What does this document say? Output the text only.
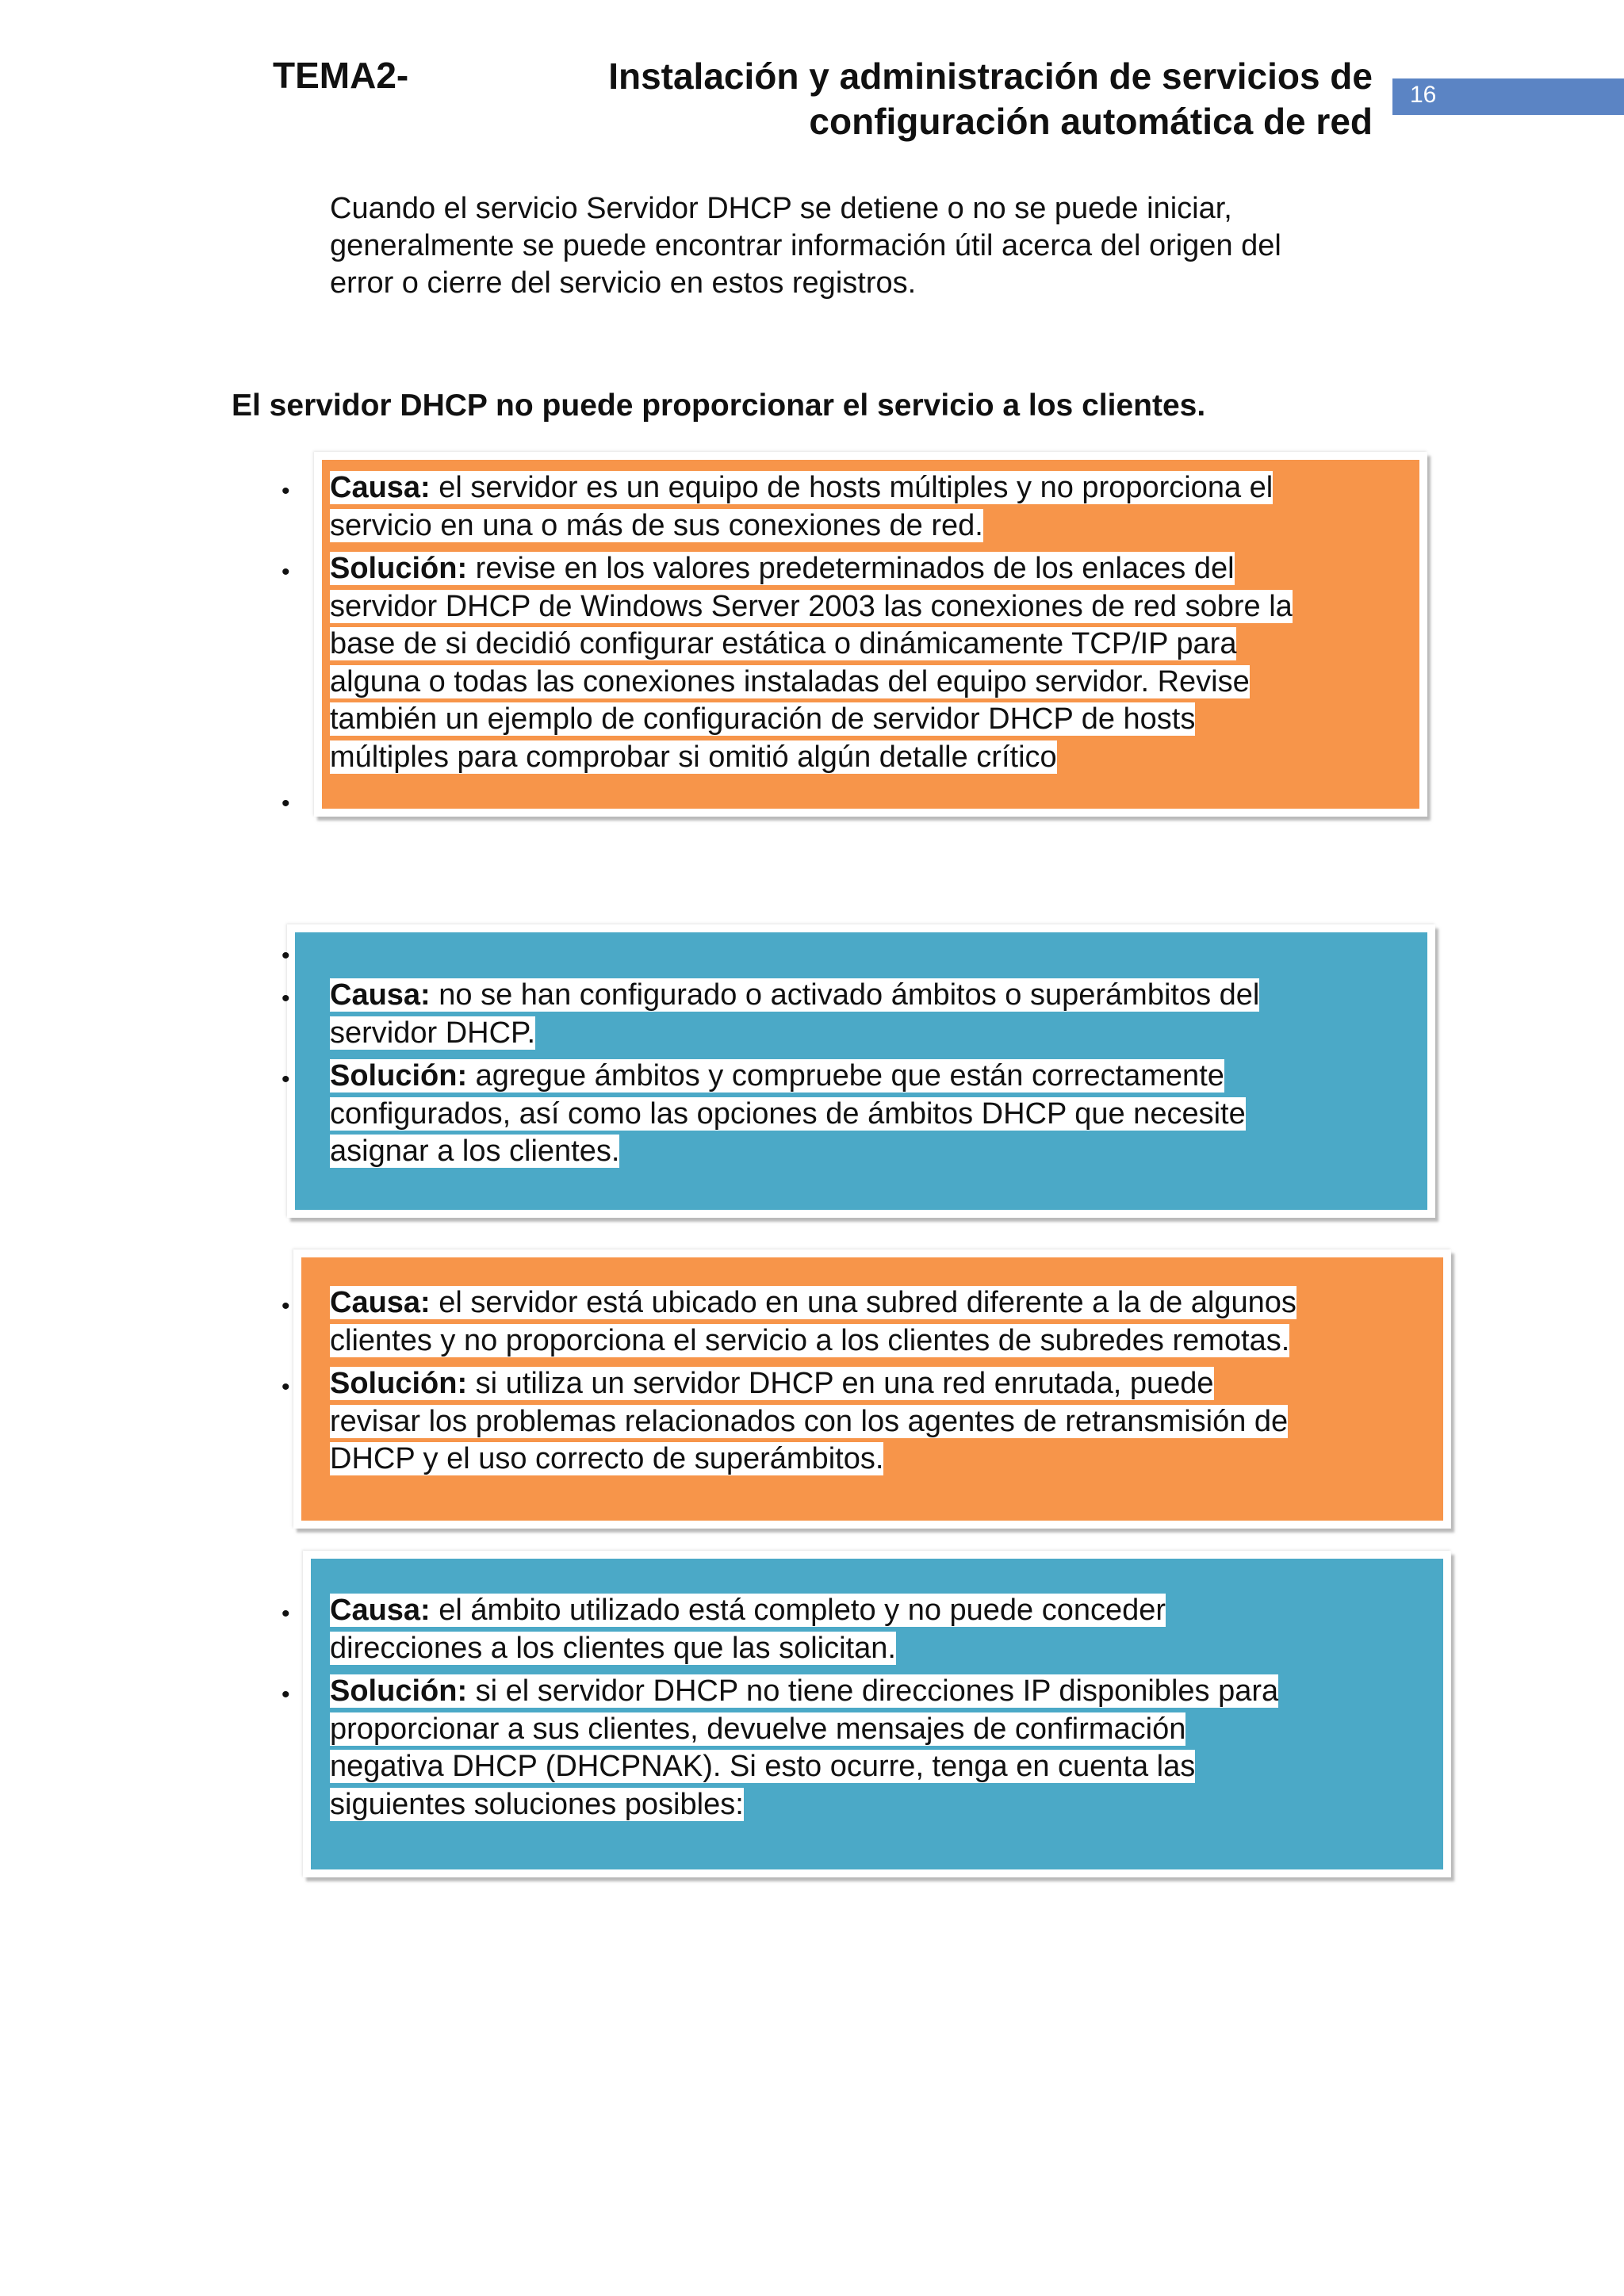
TEMA2-	Instalación y administración de servicios de
configuración automática de red
16

Cuando el servicio Servidor DHCP se detiene o no se puede iniciar,

generalmente se puede encontrar información útil acerca del origen del

error o cierre del servicio en estos registros.

El servidor DHCP no puede proporcionar el servicio a los clientes.
• Causa: el servidor es un equipo de hosts múltiples y no proporciona el
servicio en una o más de sus conexiones de red.
• Solución: revise en los valores predeterminados de los enlaces del
servidor DHCP de Windows Server 2003 las conexiones de red sobre la
base de si decidió configurar estática o dinámicamente TCP/IP para
alguna o todas las conexiones instaladas del equipo servidor. Revise
también un ejemplo de configuración de servidor DHCP de hosts
múltiples para comprobar si omitió algún detalle crítico
•
•
• Causa: no se han configurado o activado ámbitos o superámbitos del
servidor DHCP.
• Solución: agregue ámbitos y compruebe que están correctamente
configurados, así como las opciones de ámbitos DHCP que necesite
asignar a los clientes.
• Causa: el servidor está ubicado en una subred diferente a la de algunos
clientes y no proporciona el servicio a los clientes de subredes remotas.
• Solución: si utiliza un servidor DHCP en una red enrutada, puede
revisar los problemas relacionados con los agentes de retransmisión de
DHCP y el uso correcto de superámbitos.
• Causa: el ámbito utilizado está completo y no puede conceder
direcciones a los clientes que las solicitan.
• Solución: si el servidor DHCP no tiene direcciones IP disponibles para
proporcionar a sus clientes, devuelve mensajes de confirmación
negativa DHCP (DHCPNAK). Si esto ocurre, tenga en cuenta las
siguientes soluciones posibles:
